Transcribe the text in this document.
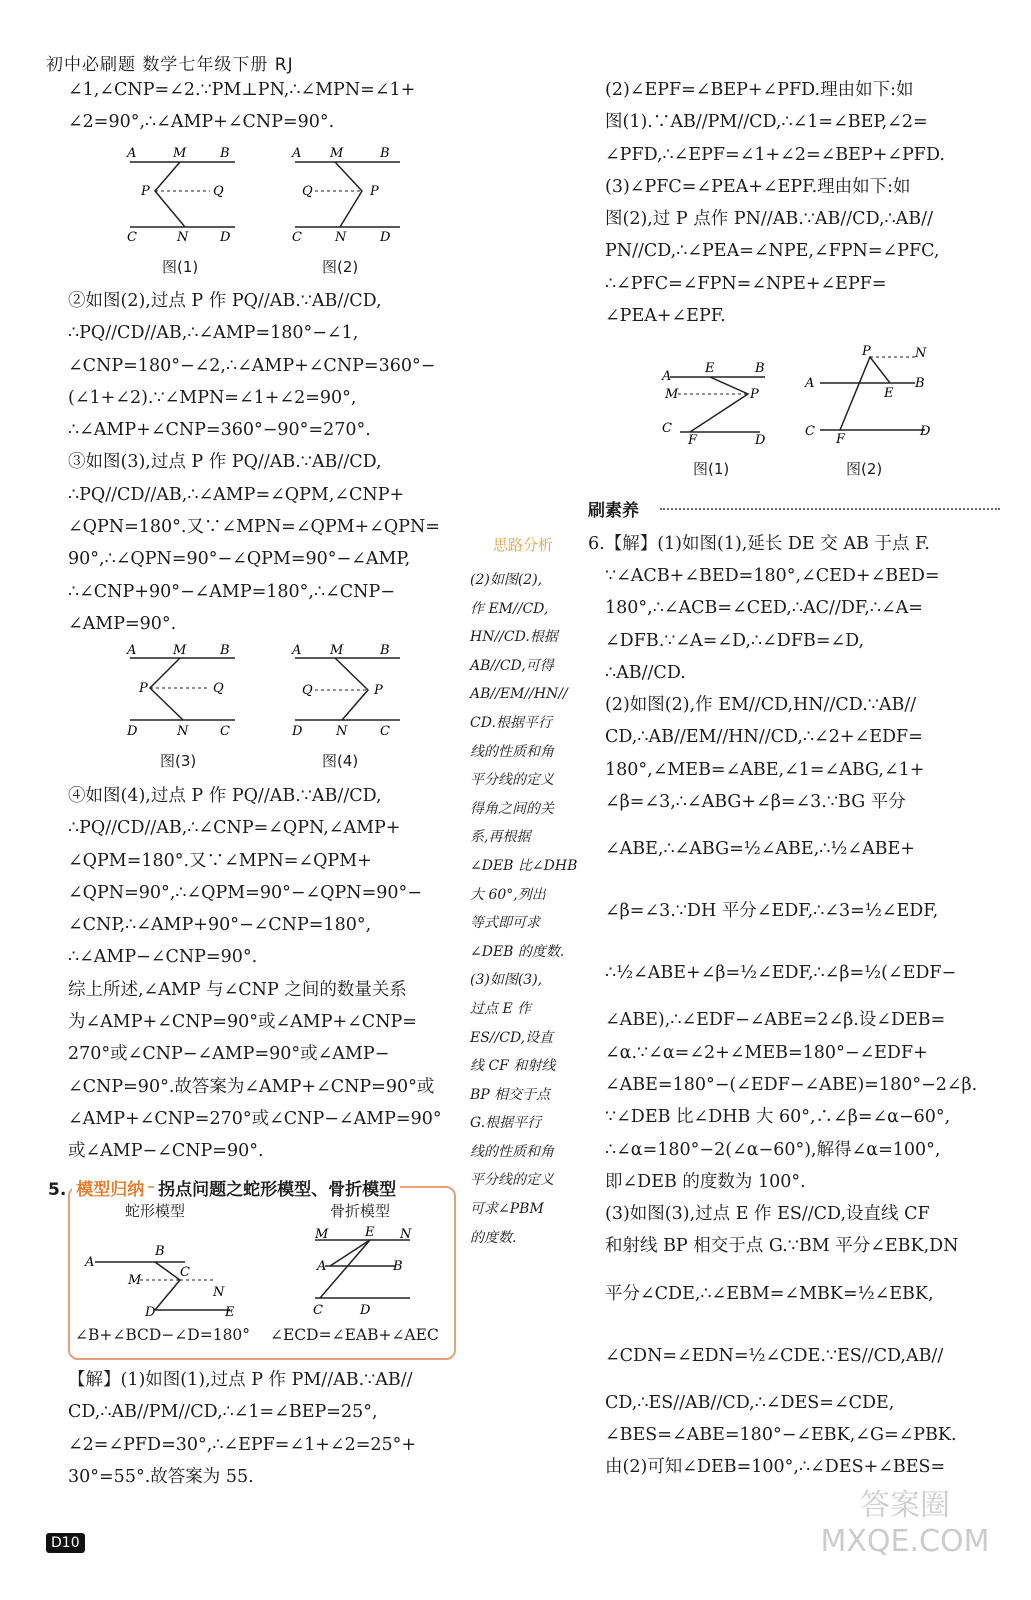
初中必刷题 数学七年级下册 RJ

∠1,∠CNP=∠2.∵PM⊥PN,∴∠MPN=∠1+

∠2=90°,∴∠AMP+∠CNP=90°.

A	M	B
P	Q
C	N D
A M	B
Q	P
C	N	D
图(1)	图(2)

②如图(2),过点 P 作 PQ//AB.∵AB//CD,

∴PQ//CD//AB,∴∠AMP=180°−∠1,

∠CNP=180°−∠2,∴∠AMP+∠CNP=360°−

(∠1+∠2).∵∠MPN=∠1+∠2=90°,

∴∠AMP+∠CNP=360°−90°=270°.

③如图(3),过点 P 作 PQ//AB.∵AB//CD,

∴PQ//CD//AB,∴∠AMP=∠QPM,∠CNP+

∠QPN=180°.又∵∠MPN=∠QPM+∠QPN=

90°,∴∠QPN=90°−∠QPM=90°−∠AMP,

∴∠CNP+90°−∠AMP=180°,∴∠CNP−

∠AMP=90°.

A	M	B
P	Q
D	N C
A M	B
Q	P
D	N	C
图(3)	图(4)

④如图(4),过点 P 作 PQ//AB.∵AB//CD,

∴PQ//CD//AB,∴∠CNP=∠QPN,∠AMP+

∠QPM=180°.又∵∠MPN=∠QPM+

∠QPN=90°,∴∠QPM=90°−∠QPN=90°−

∠CNP,∴∠AMP+90°−∠CNP=180°,

∴∠AMP−∠CNP=90°.

综上所述,∠AMP 与∠CNP 之间的数量关系

为∠AMP+∠CNP=90°或∠AMP+∠CNP=

270°或∠CNP−∠AMP=90°或∠AMP−

∠CNP=90°.故答案为∠AMP+∠CNP=90°或

∠AMP+∠CNP=270°或∠CNP−∠AMP=90°

或∠AMP−∠CNP=90°.

5. 模型归纳 拐点问题之蛇形模型、骨折模型
蛇形模型	骨折模型
A
B
M
C
N
D	E
M	E N
A	B
C	D
∠B+∠BCD−∠D=180° ∠ECD=∠EAB+∠AEC

【解】(1)如图(1),过点 P 作 PM//AB.∵AB//

CD,∴AB//PM//CD,∴∠1=∠BEP=25°,

∠2=∠PFD=30°,∴∠EPF=∠1+∠2=25°+

30°=55°.故答案为 55.

D10

(2)∠EPF=∠BEP+∠PFD.理由如下:如

图(1).∵AB//PM//CD,∴∠1=∠BEP,∠2=

∠PFD,∴∠EPF=∠1+∠2=∠BEP+∠PFD.

(3)∠PFC=∠PEA+∠EPF.理由如下:如

图(2),过 P 点作 PN//AB.∵AB//CD,∴AB//

PN//CD,∴∠PEA=∠NPE,∠FPN=∠PFC,

∴∠PFC=∠FPN=∠NPE+∠EPF=

∠PEA+∠EPF.

A
E	B
M	P
C
F	D
P	N
A	B
E
C
F
D
图(1)	图(2)
刷素养
思路分析

(2)如图(2),

作 EM//CD,

HN//CD.根据

AB//CD,可得

AB//EM//HN//

CD.根据平行

线的性质和角

平分线的定义

得角之间的关

系,再根据

∠DEB 比∠DHB

大 60°,列出

等式即可求

∠DEB 的度数.

(3)如图(3),

过点 E 作

ES//CD,设直

线 CF 和射线

BP 相交于点

G.根据平行

线的性质和角

平分线的定义

可求∠PBM

的度数.

6.【解】(1)如图(1),延长 DE 交 AB 于点 F.

∵∠ACB+∠BED=180°,∠CED+∠BED=

180°,∴∠ACB=∠CED,∴AC//DF,∴∠A=

∠DFB.∵∠A=∠D,∴∠DFB=∠D,

∴AB//CD.

(2)如图(2),作 EM//CD,HN//CD.∵AB//

CD,∴AB//EM//HN//CD,∴∠2+∠EDF=

180°,∠MEB=∠ABE,∠1=∠ABG,∠1+

∠β=∠3,∴∠ABG+∠β=∠3.∵BG 平分

∠ABE,∴∠ABG=½∠ABE,∴½∠ABE+

∠β=∠3.∵DH 平分∠EDF,∴∠3=½∠EDF,

∴½∠ABE+∠β=½∠EDF,∴∠β=½(∠EDF−

∠ABE),∴∠EDF−∠ABE=2∠β.设∠DEB=

∠α.∵∠α=∠2+∠MEB=180°−∠EDF+

∠ABE=180°−(∠EDF−∠ABE)=180°−2∠β.

∵∠DEB 比∠DHB 大 60°,∴∠β=∠α−60°,

∴∠α=180°−2(∠α−60°),解得∠α=100°,

即∠DEB 的度数为 100°.

(3)如图(3),过点 E 作 ES//CD,设直线 CF

和射线 BP 相交于点 G.∵BM 平分∠EBK,DN

平分∠CDE,∴∠EBM=∠MBK=½∠EBK,

∠CDN=∠EDN=½∠CDE.∵ES//CD,AB//

CD,∴ES//AB//CD,∴∠DES=∠CDE,

∠BES=∠ABE=180°−∠EBK,∠G=∠PBK.

由(2)可知∠DEB=100°,∴∠DES+∠BES=

答案圈 MXQE.COM
